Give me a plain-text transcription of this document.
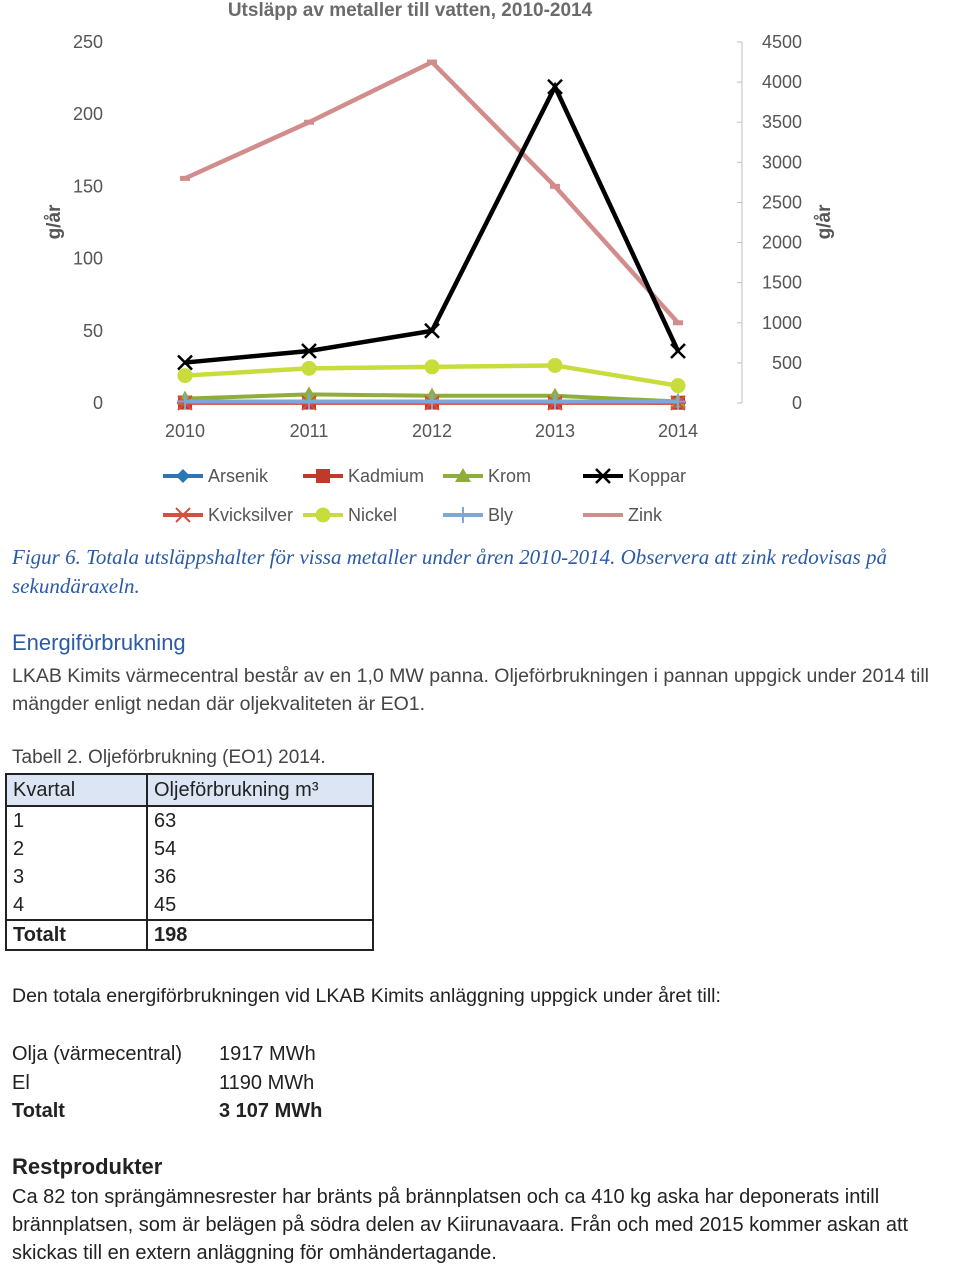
Utsläpp av metaller till vatten, 2010-2014
g/år	g/år
250
200
150
100
50
0
4500
4000
3500
3000
2500
2000
1500
1000
500
0
2010	2011	2012	2013	2014
Arsenik	Kadmium	Krom	Koppar
Kvicksilver	Nickel	Bly	Zink
Figur 6. Totala utsläppshalter för vissa metaller under åren 2010-2014. Observera att zink redovisas på sekundäraxeln.
Energiförbrukning
LKAB Kimits värmecentral består av en 1,0 MW panna. Oljeförbrukningen i pannan uppgick under 2014 till mängder enligt nedan där oljekvaliteten är EO1.
Tabell 2. Oljeförbrukning (EO1) 2014.
Kvartal	Oljeförbrukning m³
1	63
2	54
3	36
4	45
Totalt	198
Den totala energiförbrukningen vid LKAB Kimits anläggning uppgick under året till:
Olja (värmecentral)	1917 MWh
El	1190 MWh
Totalt	3 107 MWh
Restprodukter
Ca 82 ton sprängämnesrester har bränts på brännplatsen och ca 410 kg aska har deponerats intill brännplatsen, som är belägen på södra delen av Kiirunavaara. Från och med 2015 kommer askan att skickas till en extern anläggning för omhändertagande.
